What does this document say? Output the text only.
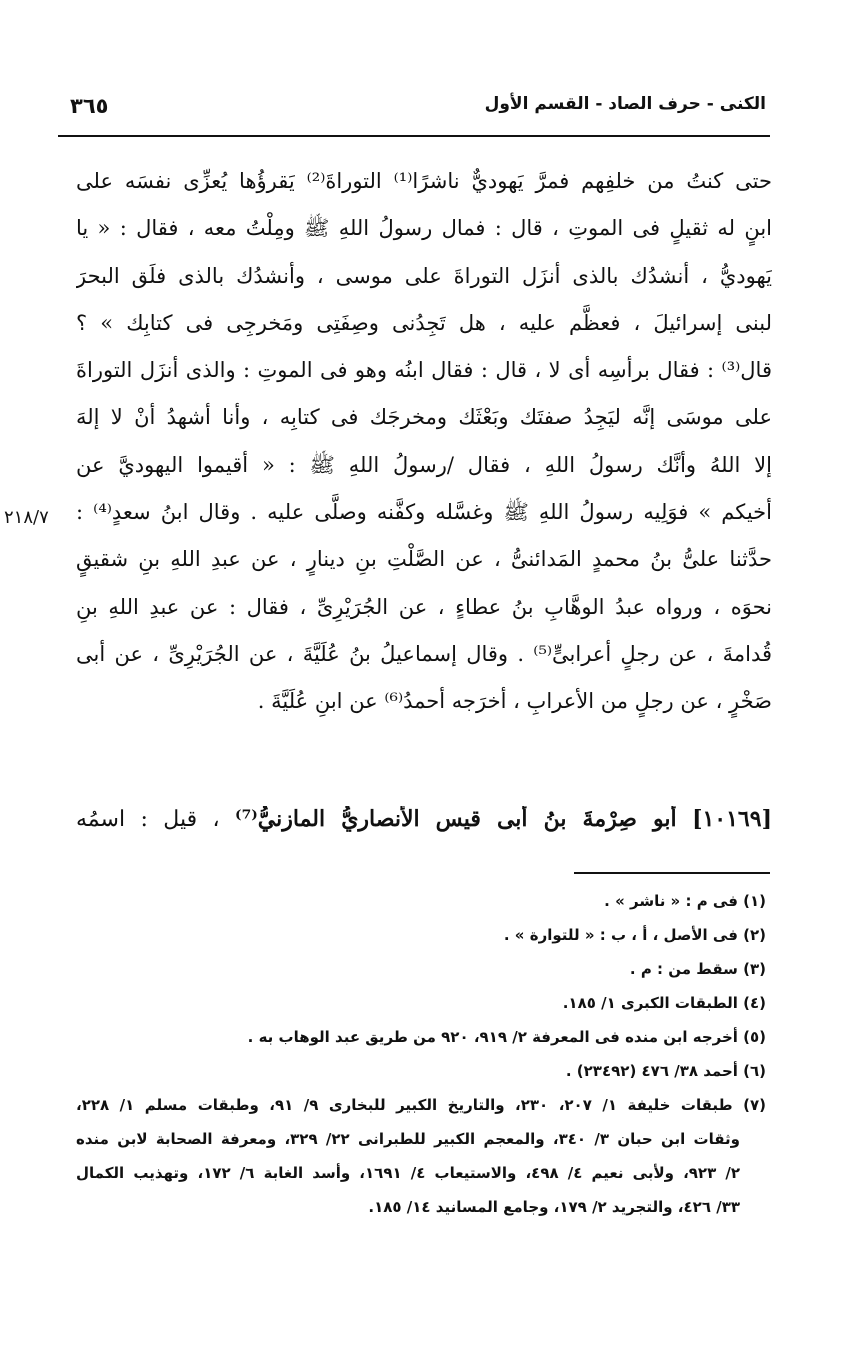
٣٦٥	الكنى - حرف الصاد - القسم الأول
حتى كنتُ من خلفِهم فمرَّ يَهوديٌّ ناشرًا⁽¹⁾ التوراةَ⁽²⁾ يَقرؤُها يُعزِّى نفسَه على
ابنٍ له ثقيلٍ فى الموتِ ، قال : فمال رسولُ اللهِ ﷺ ومِلْتُ معه ، فقال : « يا
يَهوديُّ ، أنشدُك بالذى أنزَل التوراةَ على موسى ، وأنشدُك بالذى فلَق البحرَ
لبنى إسرائيلَ ، فعظَّم عليه ، هل تَجِدُنى وصِفَتِى ومَخرجِى فى كتابِك » ؟
قال⁽³⁾ : فقال برأسِه أى لا ، قال : فقال ابنُه وهو فى الموتِ : والذى أنزَل التوراةَ
على موسَى إنَّه ليَجِدُ صفتَك وبَعْثَك ومخرجَك فى كتابِه ، وأنا أشهدُ أنْ لا إلهَ
إلا اللهُ وأنَّك رسولُ اللهِ ، فقال /رسولُ اللهِ ﷺ : « أقيموا اليهوديَّ عن
أخيكم » فوَلِيه رسولُ اللهِ ﷺ وغسَّله وكفَّنه وصلَّى عليه . وقال ابنُ سعدٍ⁽⁴⁾ :
حدَّثنا علىُّ بنُ محمدٍ المَدائنىُّ ، عن الصَّلْتِ بنِ دينارٍ ، عن عبدِ اللهِ بنِ شقيقٍ
نحوَه ، ورواه عبدُ الوهَّابِ بنُ عطاءٍ ، عن الجُرَيْرِىِّ ، فقال : عن عبدِ اللهِ بنِ
قُدامةَ ، عن رجلٍ أعرابىٍّ⁽⁵⁾ . وقال إسماعيلُ بنُ عُلَيَّةَ ، عن الجُرَيْرِىِّ ، عن أبى
صَخْرٍ ، عن رجلٍ من الأعرابِ ، أخرَجه أحمدُ⁽⁶⁾ عن ابنِ عُلَيَّةَ .
٢١٨/٧
[١٠١٦٩] أبو صِرْمةَ بنُ أبى قيسٍ الأنصاريُّ المازنيُّ⁽⁷⁾ ، قيل : اسمُه
(١) فى م : « ناشر » .
(٢) فى الأصل ، أ ، ب : « للتوارة » .
(٣) سقط من : م .
(٤) الطبقات الكبرى ١/ ١٨٥.
(٥) أخرجه ابن منده فى المعرفة ٢/ ٩١٩، ٩٢٠ من طريق عبد الوهاب به .
(٦) أحمد ٣٨/ ٤٧٦ (٢٣٤٩٢) .
(٧) طبقات خليفة ١/ ٢٠٧، ٢٣٠، والتاريخ الكبير للبخارى ٩/ ٩١، وطبقات مسلم ١/ ٢٢٨،
وثقات ابن حبان ٣/ ٣٤٠، والمعجم الكبير للطبرانى ٢٢/ ٣٢٩، ومعرفة الصحابة لابن منده
٢/ ٩٢٣، ولأبى نعيم ٤/ ٤٩٨، والاستيعاب ٤/ ١٦٩١، وأسد الغابة ٦/ ١٧٢، وتهذيب الكمال
٣٣/ ٤٢٦، والتجريد ٢/ ١٧٩، وجامع المسانيد ١٤/ ١٨٥.
